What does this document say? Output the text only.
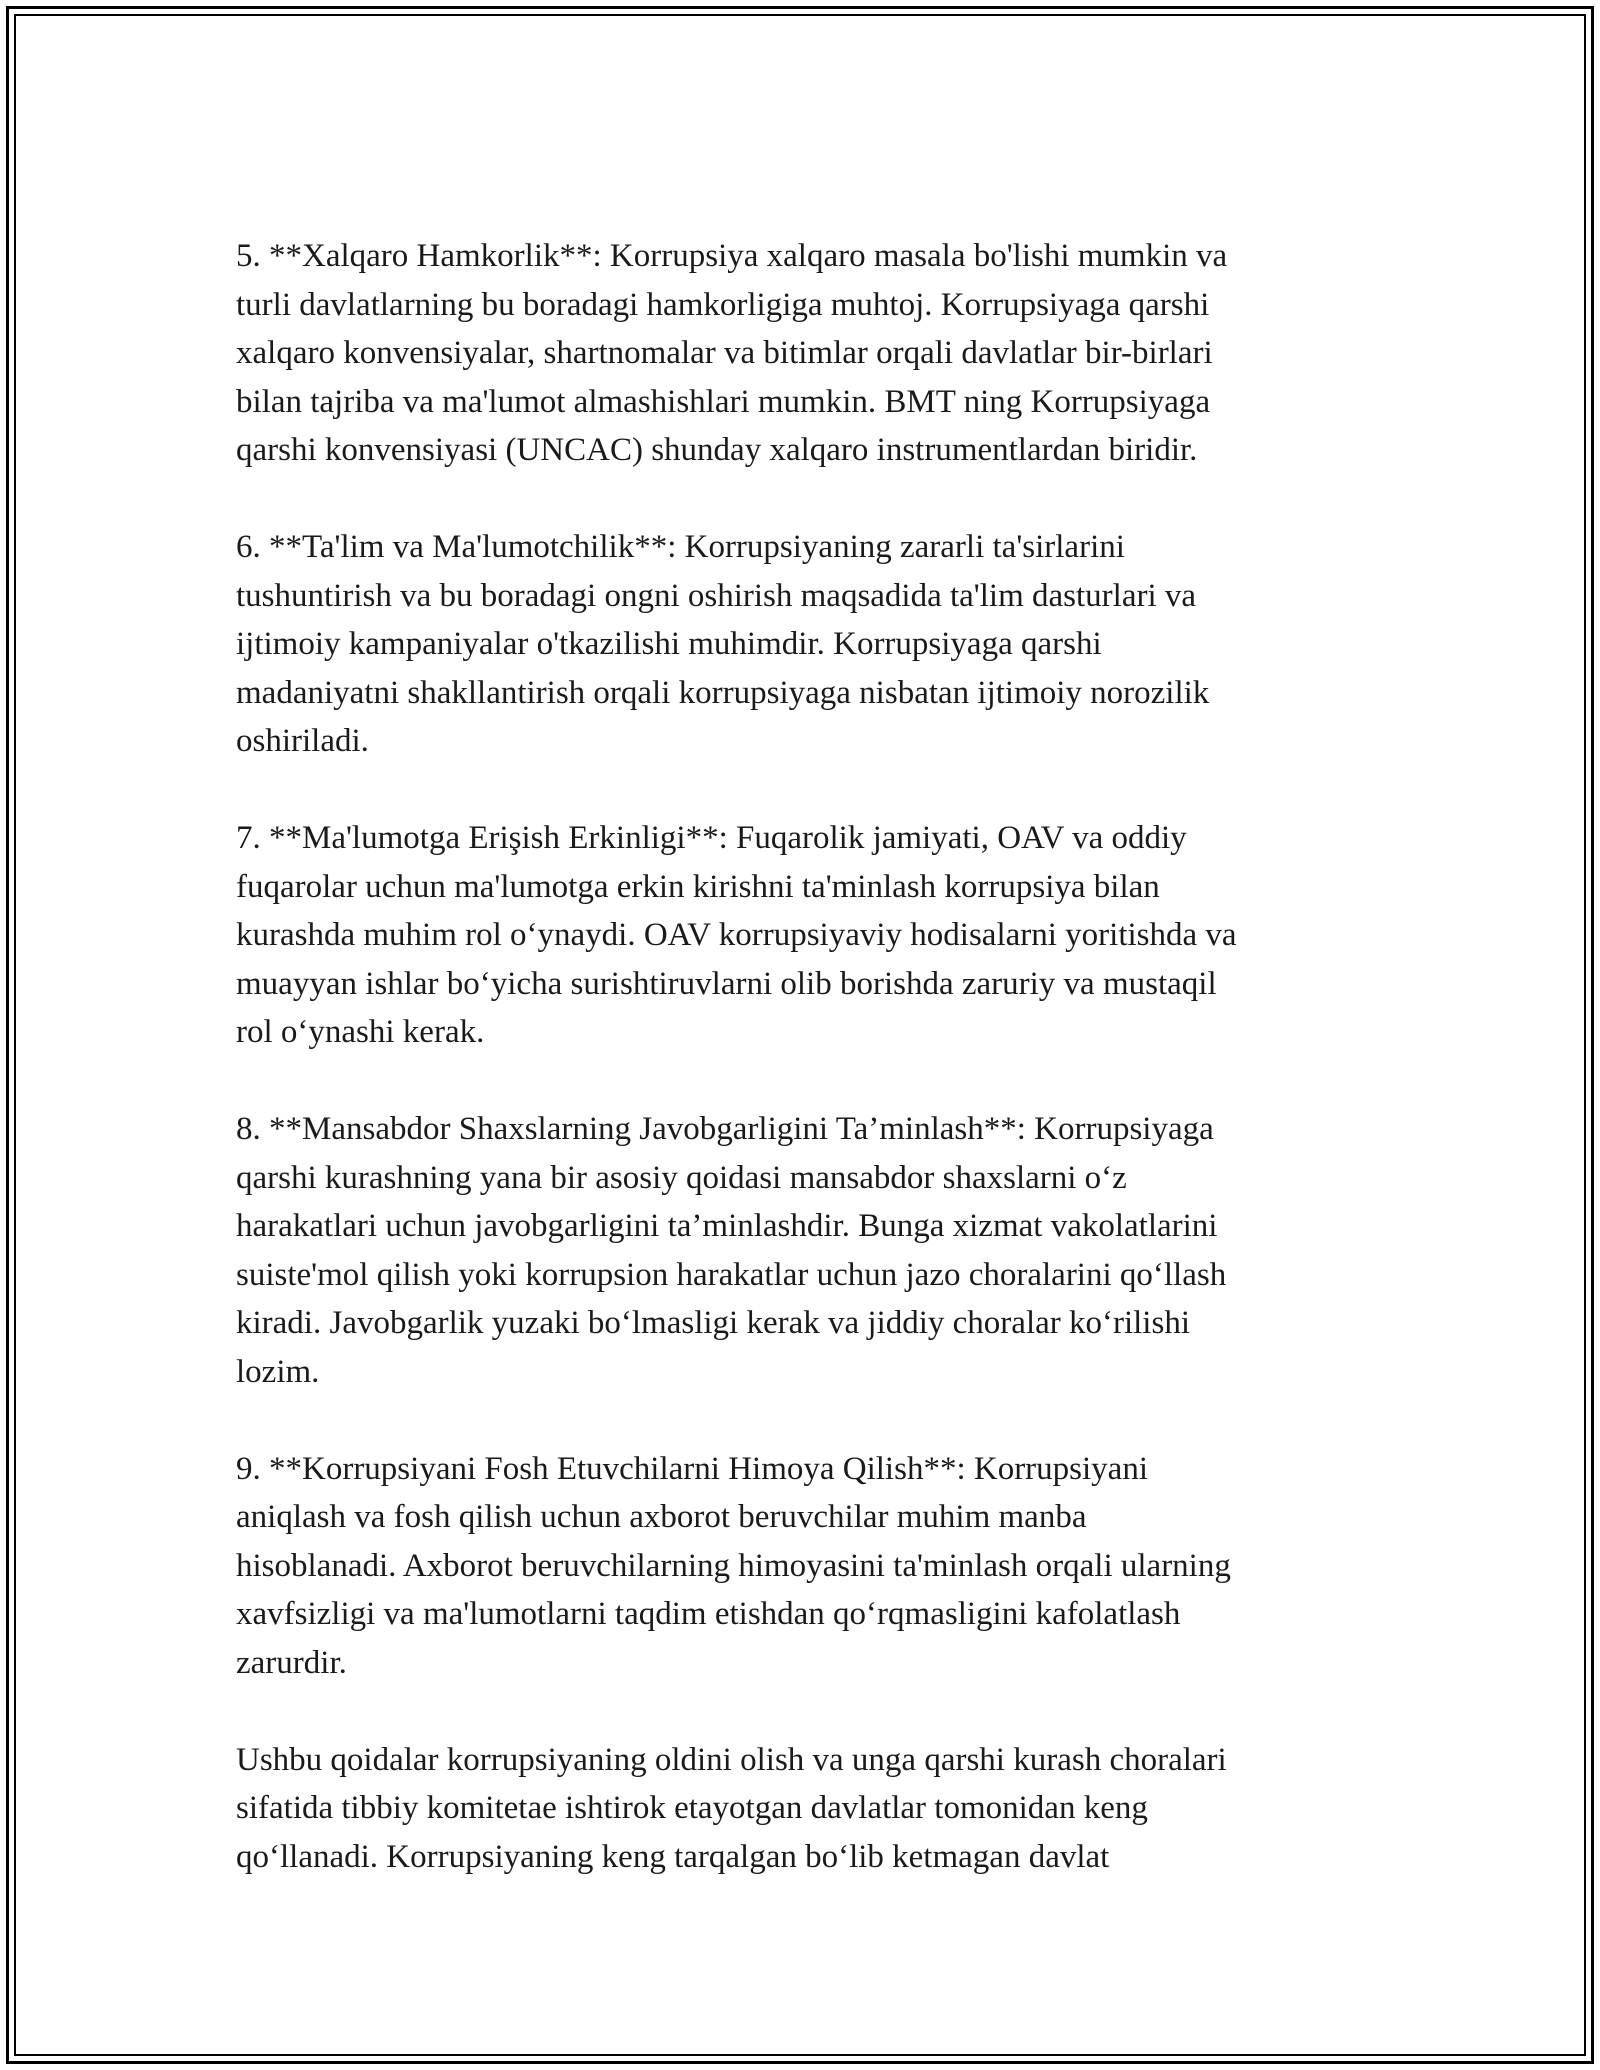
5. **Xalqaro Hamkorlik**: Korrupsiya xalqaro masala bo'lishi mumkin va
turli davlatlarning bu boradagi hamkorligiga muhtoj. Korrupsiyaga qarshi
xalqaro konvensiyalar, shartnomalar va bitimlar orqali davlatlar bir-birlari
bilan tajriba va ma'lumot almashishlari mumkin. BMT ning Korrupsiyaga
qarshi konvensiyasi (UNCAC) shunday xalqaro instrumentlardan biridir.

6. **Ta'lim va Ma'lumotchilik**: Korrupsiyaning zararli ta'sirlarini
tushuntirish va bu boradagi ongni oshirish maqsadida ta'lim dasturlari va
ijtimoiy kampaniyalar o'tkazilishi muhimdir. Korrupsiyaga qarshi
madaniyatni shakllantirish orqali korrupsiyaga nisbatan ijtimoiy norozilik
oshiriladi.

7. **Ma'lumotga Erişish Erkinligi**: Fuqarolik jamiyati, OAV va oddiy
fuqarolar uchun ma'lumotga erkin kirishni ta'minlash korrupsiya bilan
kurashda muhim rol o‘ynaydi. OAV korrupsiyaviy hodisalarni yoritishda va
muayyan ishlar bo‘yicha surishtiruvlarni olib borishda zaruriy va mustaqil
rol o‘ynashi kerak.

8. **Mansabdor Shaxslarning Javobgarligini Ta’minlash**: Korrupsiyaga
qarshi kurashning yana bir asosiy qoidasi mansabdor shaxslarni o‘z
harakatlari uchun javobgarligini ta’minlashdir. Bunga xizmat vakolatlarini
suiste'mol qilish yoki korrupsion harakatlar uchun jazo choralarini qo‘llash
kiradi. Javobgarlik yuzaki bo‘lmasligi kerak va jiddiy choralar ko‘rilishi
lozim.

9. **Korrupsiyani Fosh Etuvchilarni Himoya Qilish**: Korrupsiyani
aniqlash va fosh qilish uchun axborot beruvchilar muhim manba
hisoblanadi. Axborot beruvchilarning himoyasini ta'minlash orqali ularning
xavfsizligi va ma'lumotlarni taqdim etishdan qo‘rqmasligini kafolatlash
zarurdir.

Ushbu qoidalar korrupsiyaning oldini olish va unga qarshi kurash choralari
sifatida tibbiy komitetae ishtirok etayotgan davlatlar tomonidan keng
qo‘llanadi. Korrupsiyaning keng tarqalgan bo‘lib ketmagan davlat
